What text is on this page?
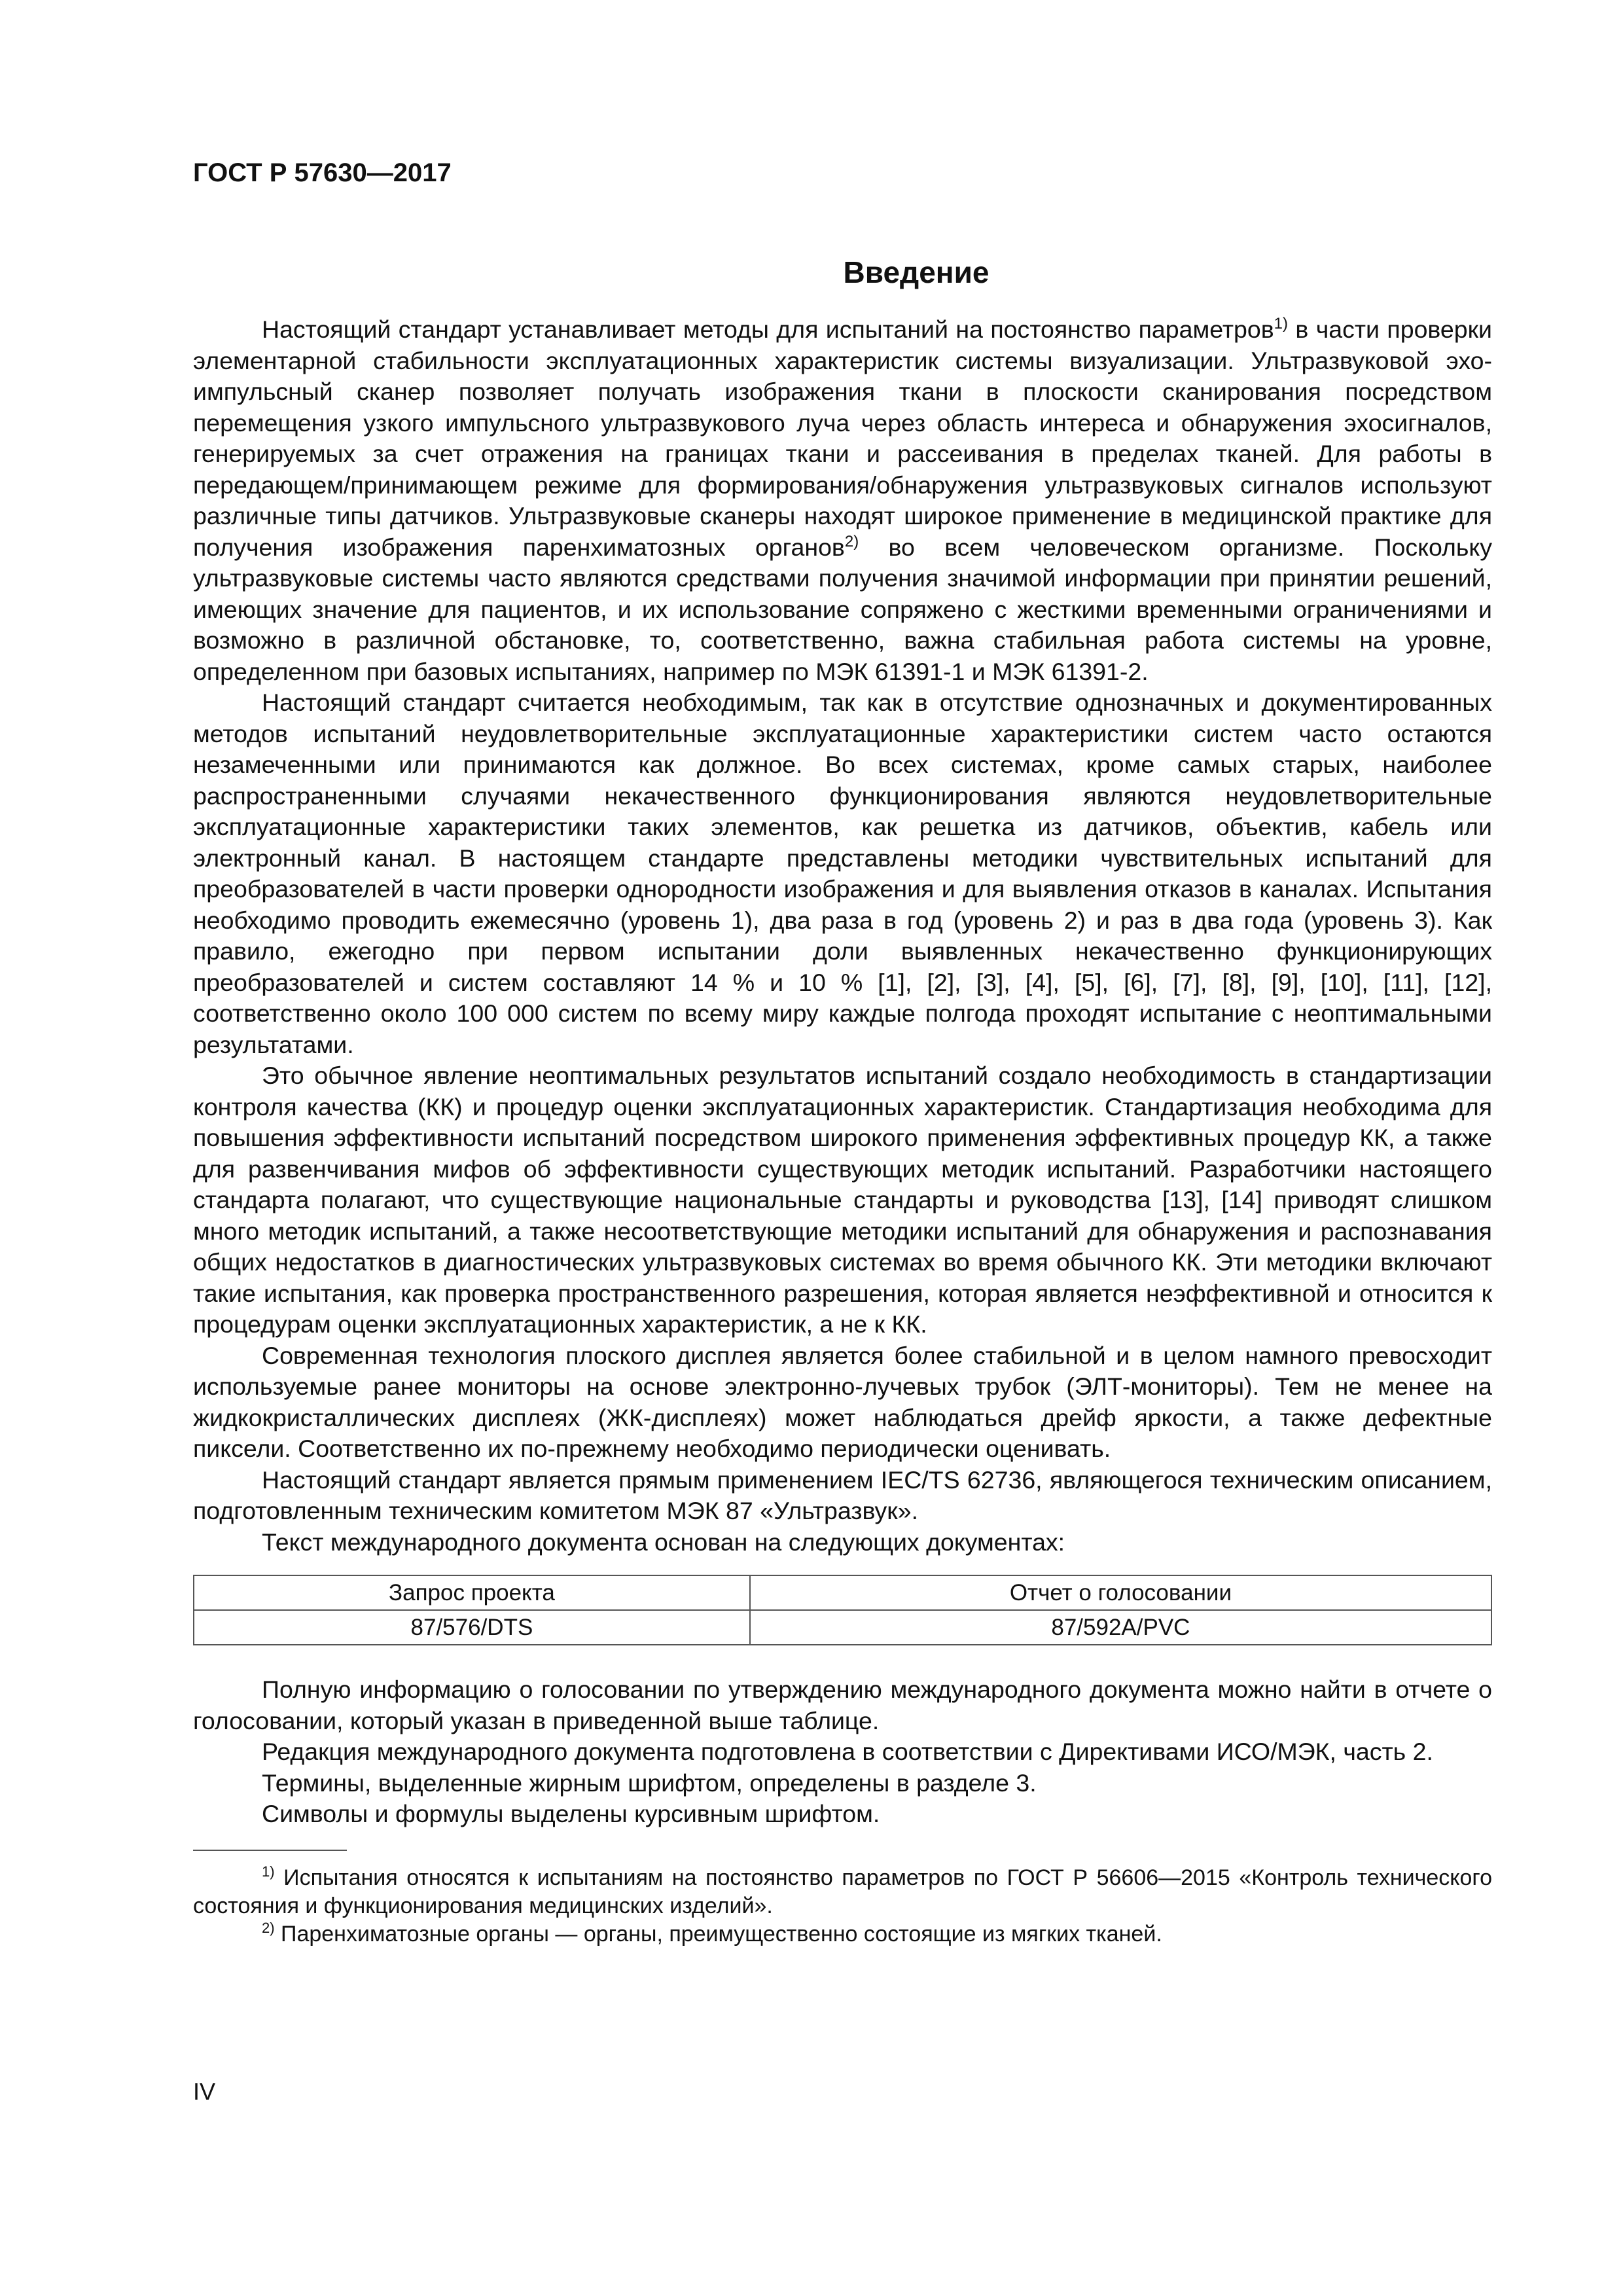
ГОСТ Р 57630—2017
Введение

Настоящий стандарт устанавливает методы для испытаний на постоянство параметров$^{1)}$ в части проверки элементарной стабильности эксплуатационных характеристик системы визуализации. Ультразвуковой эхо-импульсный сканер позволяет получать изображения ткани в плоскости сканирования посредством перемещения узкого импульсного ультразвукового луча через область интереса и обнаружения эхосигналов, генерируемых за счет отражения на границах ткани и рассеивания в пределах тканей. Для работы в передающем/принимающем режиме для формирования/обнаружения ультразвуковых сигналов используют различные типы датчиков. Ультразвуковые сканеры находят широкое применение в медицинской практике для получения изображения паренхиматозных органов$^{2)}$ во всем человеческом организме. Поскольку ультразвуковые системы часто являются средствами получения значимой информации при принятии решений, имеющих значение для пациентов, и их использование сопряжено с жесткими временными ограничениями и возможно в различной обстановке, то, соответственно, важна стабильная работа системы на уровне, определенном при базовых испытаниях, например по МЭК 61391-1 и МЭК 61391-2.

Настоящий стандарт считается необходимым, так как в отсутствие однозначных и документированных методов испытаний неудовлетворительные эксплуатационные характеристики систем часто остаются незамеченными или принимаются как должное. Во всех системах, кроме самых старых, наиболее распространенными случаями некачественного функционирования являются неудовлетворительные эксплуатационные характеристики таких элементов, как решетка из датчиков, объектив, кабель или электронный канал. В настоящем стандарте представлены методики чувствительных испытаний для преобразователей в части проверки однородности изображения и для выявления отказов в каналах. Испытания необходимо проводить ежемесячно (уровень 1), два раза в год (уровень 2) и раз в два года (уровень 3). Как правило, ежегодно при первом испытании доли выявленных некачественно функционирующих преобразователей и систем составляют 14 % и 10 % [1], [2], [3], [4], [5], [6], [7], [8], [9], [10], [11], [12], соответственно около 100 000 систем по всему миру каждые полгода проходят испытание с неоптимальными результатами.

Это обычное явление неоптимальных результатов испытаний создало необходимость в стандартизации контроля качества (КК) и процедур оценки эксплуатационных характеристик. Стандартизация необходима для повышения эффективности испытаний посредством широкого применения эффективных процедур КК, а также для развенчивания мифов об эффективности существующих методик испытаний. Разработчики настоящего стандарта полагают, что существующие национальные стандарты и руководства [13], [14] приводят слишком много методик испытаний, а также несоответствующие методики испытаний для обнаружения и распознавания общих недостатков в диагностических ультразвуковых системах во время обычного КК. Эти методики включают такие испытания, как проверка пространственного разрешения, которая является неэффективной и относится к процедурам оценки эксплуатационных характеристик, а не к КК.

Современная технология плоского дисплея является более стабильной и в целом намного превосходит используемые ранее мониторы на основе электронно-лучевых трубок (ЭЛТ-мониторы). Тем не менее на жидкокристаллических дисплеях (ЖК-дисплеях) может наблюдаться дрейф яркости, а также дефектные пиксели. Соответственно их по-прежнему необходимо периодически оценивать.

Настоящий стандарт является прямым применением IEC/TS 62736, являющегося техническим описанием, подготовленным техническим комитетом МЭК 87 «Ультразвук».

Текст международного документа основан на следующих документах:

Запрос проекта	Отчет о голосовании
87/576/DTS	87/592A/PVC

Полную информацию о голосовании по утверждению международного документа можно найти в отчете о голосовании, который указан в приведенной выше таблице.

Редакция международного документа подготовлена в соответствии с Директивами ИСО/МЭК, часть 2.

Термины, выделенные жирным шрифтом, определены в разделе 3.

Символы и формулы выделены курсивным шрифтом.

$^{1)}$ Испытания относятся к испытаниям на постоянство параметров по ГОСТ Р 56606—2015 «Контроль технического состояния и функционирования медицинских изделий».

$^{2)}$ Паренхиматозные органы — органы, преимущественно состоящие из мягких тканей.

IV
